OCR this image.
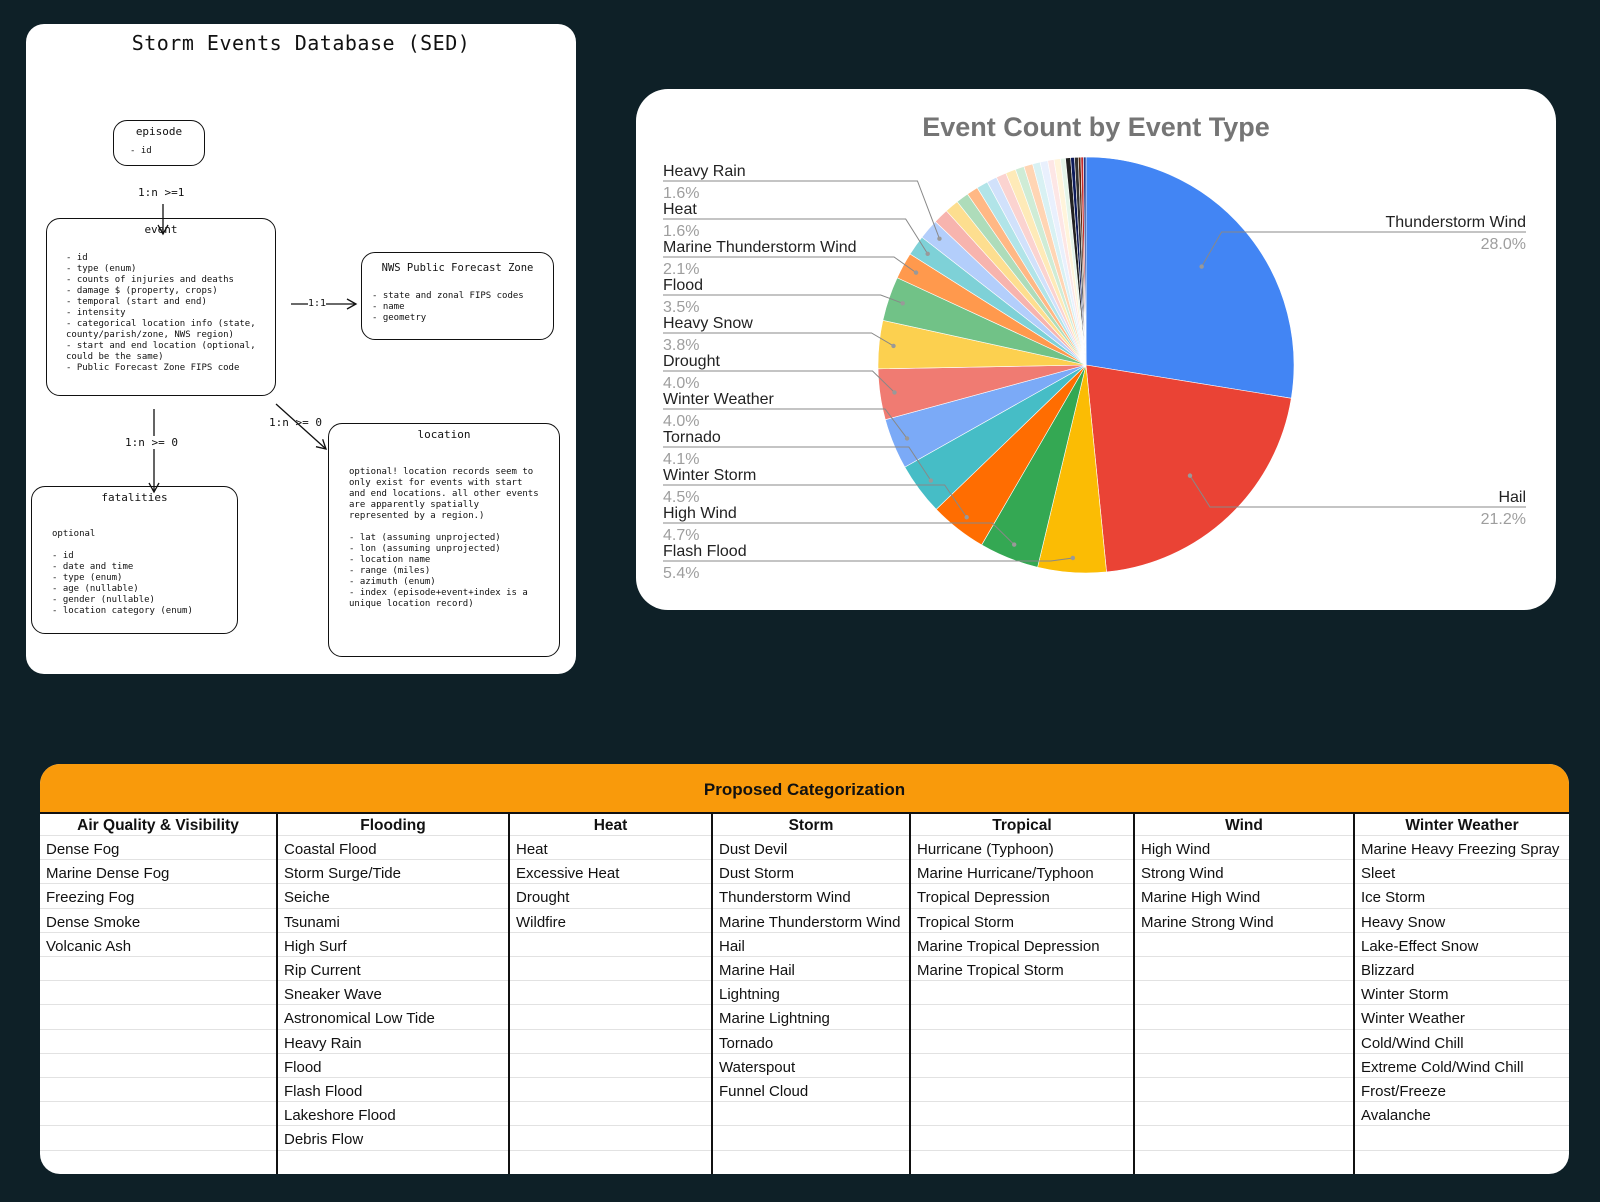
Storm Events Database (SED)
1:n >=1
1:1
1:n >= 0
1:n >= 0
episode
- id
event
- id
- type (enum)
- counts of injuries and deaths
- damage $ (property, crops)
- temporal (start and end)
- intensity
- categorical location info (state,
county/parish/zone, NWS region)
- start and end location (optional,
could be the same)
- Public Forecast Zone FIPS code
NWS Public Forecast Zone
- state and zonal FIPS codes
- name
- geometry
fatalities
optional

- id
- date and time
- type (enum)
- age (nullable)
- gender (nullable)
- location category (enum)
location
optional! location records seem to
only exist for events with start
and end locations. all other events
are apparently spatially
represented by a region.)

- lat (assuming unprojected)
- lon (assuming unprojected)
- location name
- range (miles)
- azimuth (enum)
- index (episode+event+index is a
unique location record)
Event Count by Event Type
Thunderstorm Wind
28.0%
Hail
21.2%
Heavy Rain
1.6%
Heat
1.6%
Marine Thunderstorm Wind
2.1%
Flood
3.5%
Heavy Snow
3.8%
Drought
4.0%
Winter Weather
4.0%
Tornado
4.1%
Winter Storm
4.5%
High Wind
4.7%
Flash Flood
5.4%
Proposed Categorization
Air Quality & Visibility
Dense Fog
Marine Dense Fog
Freezing Fog
Dense Smoke
Volcanic Ash
Flooding
Coastal Flood
Storm Surge/Tide
Seiche
Tsunami
High Surf
Rip Current
Sneaker Wave
Astronomical Low Tide
Heavy Rain
Flood
Flash Flood
Lakeshore Flood
Debris Flow
Heat
Heat
Excessive Heat
Drought
Wildfire
Storm
Dust Devil
Dust Storm
Thunderstorm Wind
Marine Thunderstorm Wind
Hail
Marine Hail
Lightning
Marine Lightning
Tornado
Waterspout
Funnel Cloud
Tropical
Hurricane (Typhoon)
Marine Hurricane/Typhoon
Tropical Depression
Tropical Storm
Marine Tropical Depression
Marine Tropical Storm
Wind
High Wind
Strong Wind
Marine High Wind
Marine Strong Wind
Winter Weather
Marine Heavy Freezing Spray
Sleet
Ice Storm
Heavy Snow
Lake-Effect Snow
Blizzard
Winter Storm
Winter Weather
Cold/Wind Chill
Extreme Cold/Wind Chill
Frost/Freeze
Avalanche
